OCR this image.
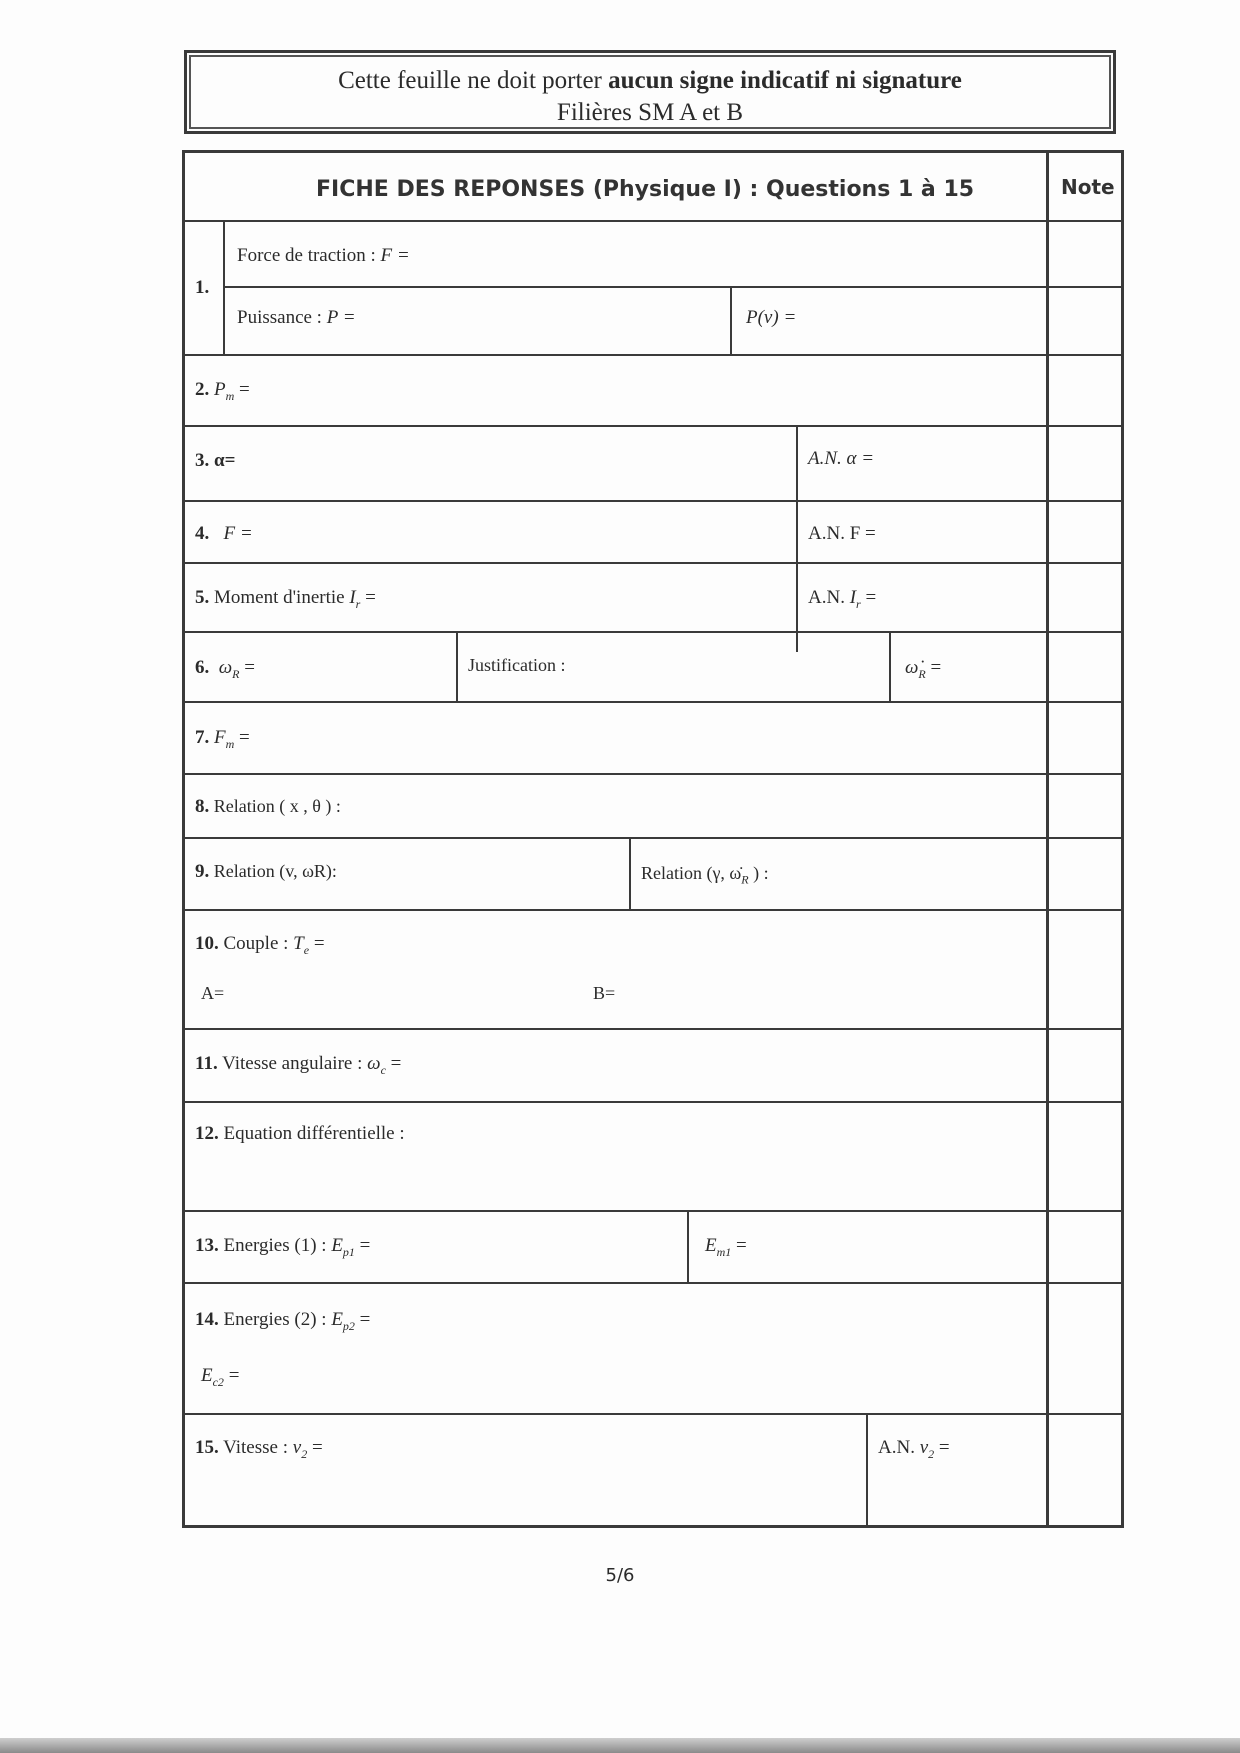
Cette feuille ne doit porter aucun signe indicatif ni signature
Filières SM A et B
FICHE DES REPONSES (Physique I) : Questions 1 à 15	Note
1.
Force de traction : F =
Puissance : P =	P(v) =
2. $P_m$ =
3. α=	A.N. α =
4. F =	A.N. F =
5. Moment d'inertie $I_r$ =	A.N. $I_r$ =
6. $\omega_R$ =	Justification :	$\omegȧ_R$ =
7. $F_m$ =
8. Relation ( x , θ ) :
9. Relation (v, ωR):	Relation (γ, $\omegȧ_R$ ) :
10. Couple : $T_e$ =
A=	B=
11. Vitesse angulaire : $\omega_c$ =
12. Equation différentielle :
13. Energies (1) : $E_{p1}$ =	$E_{m1}$ =
14. Energies (2) : $E_{p2}$ =
$E_{c2}$ =
15. Vitesse : $v_2$ =	A.N. $v_2$ =
5/6
